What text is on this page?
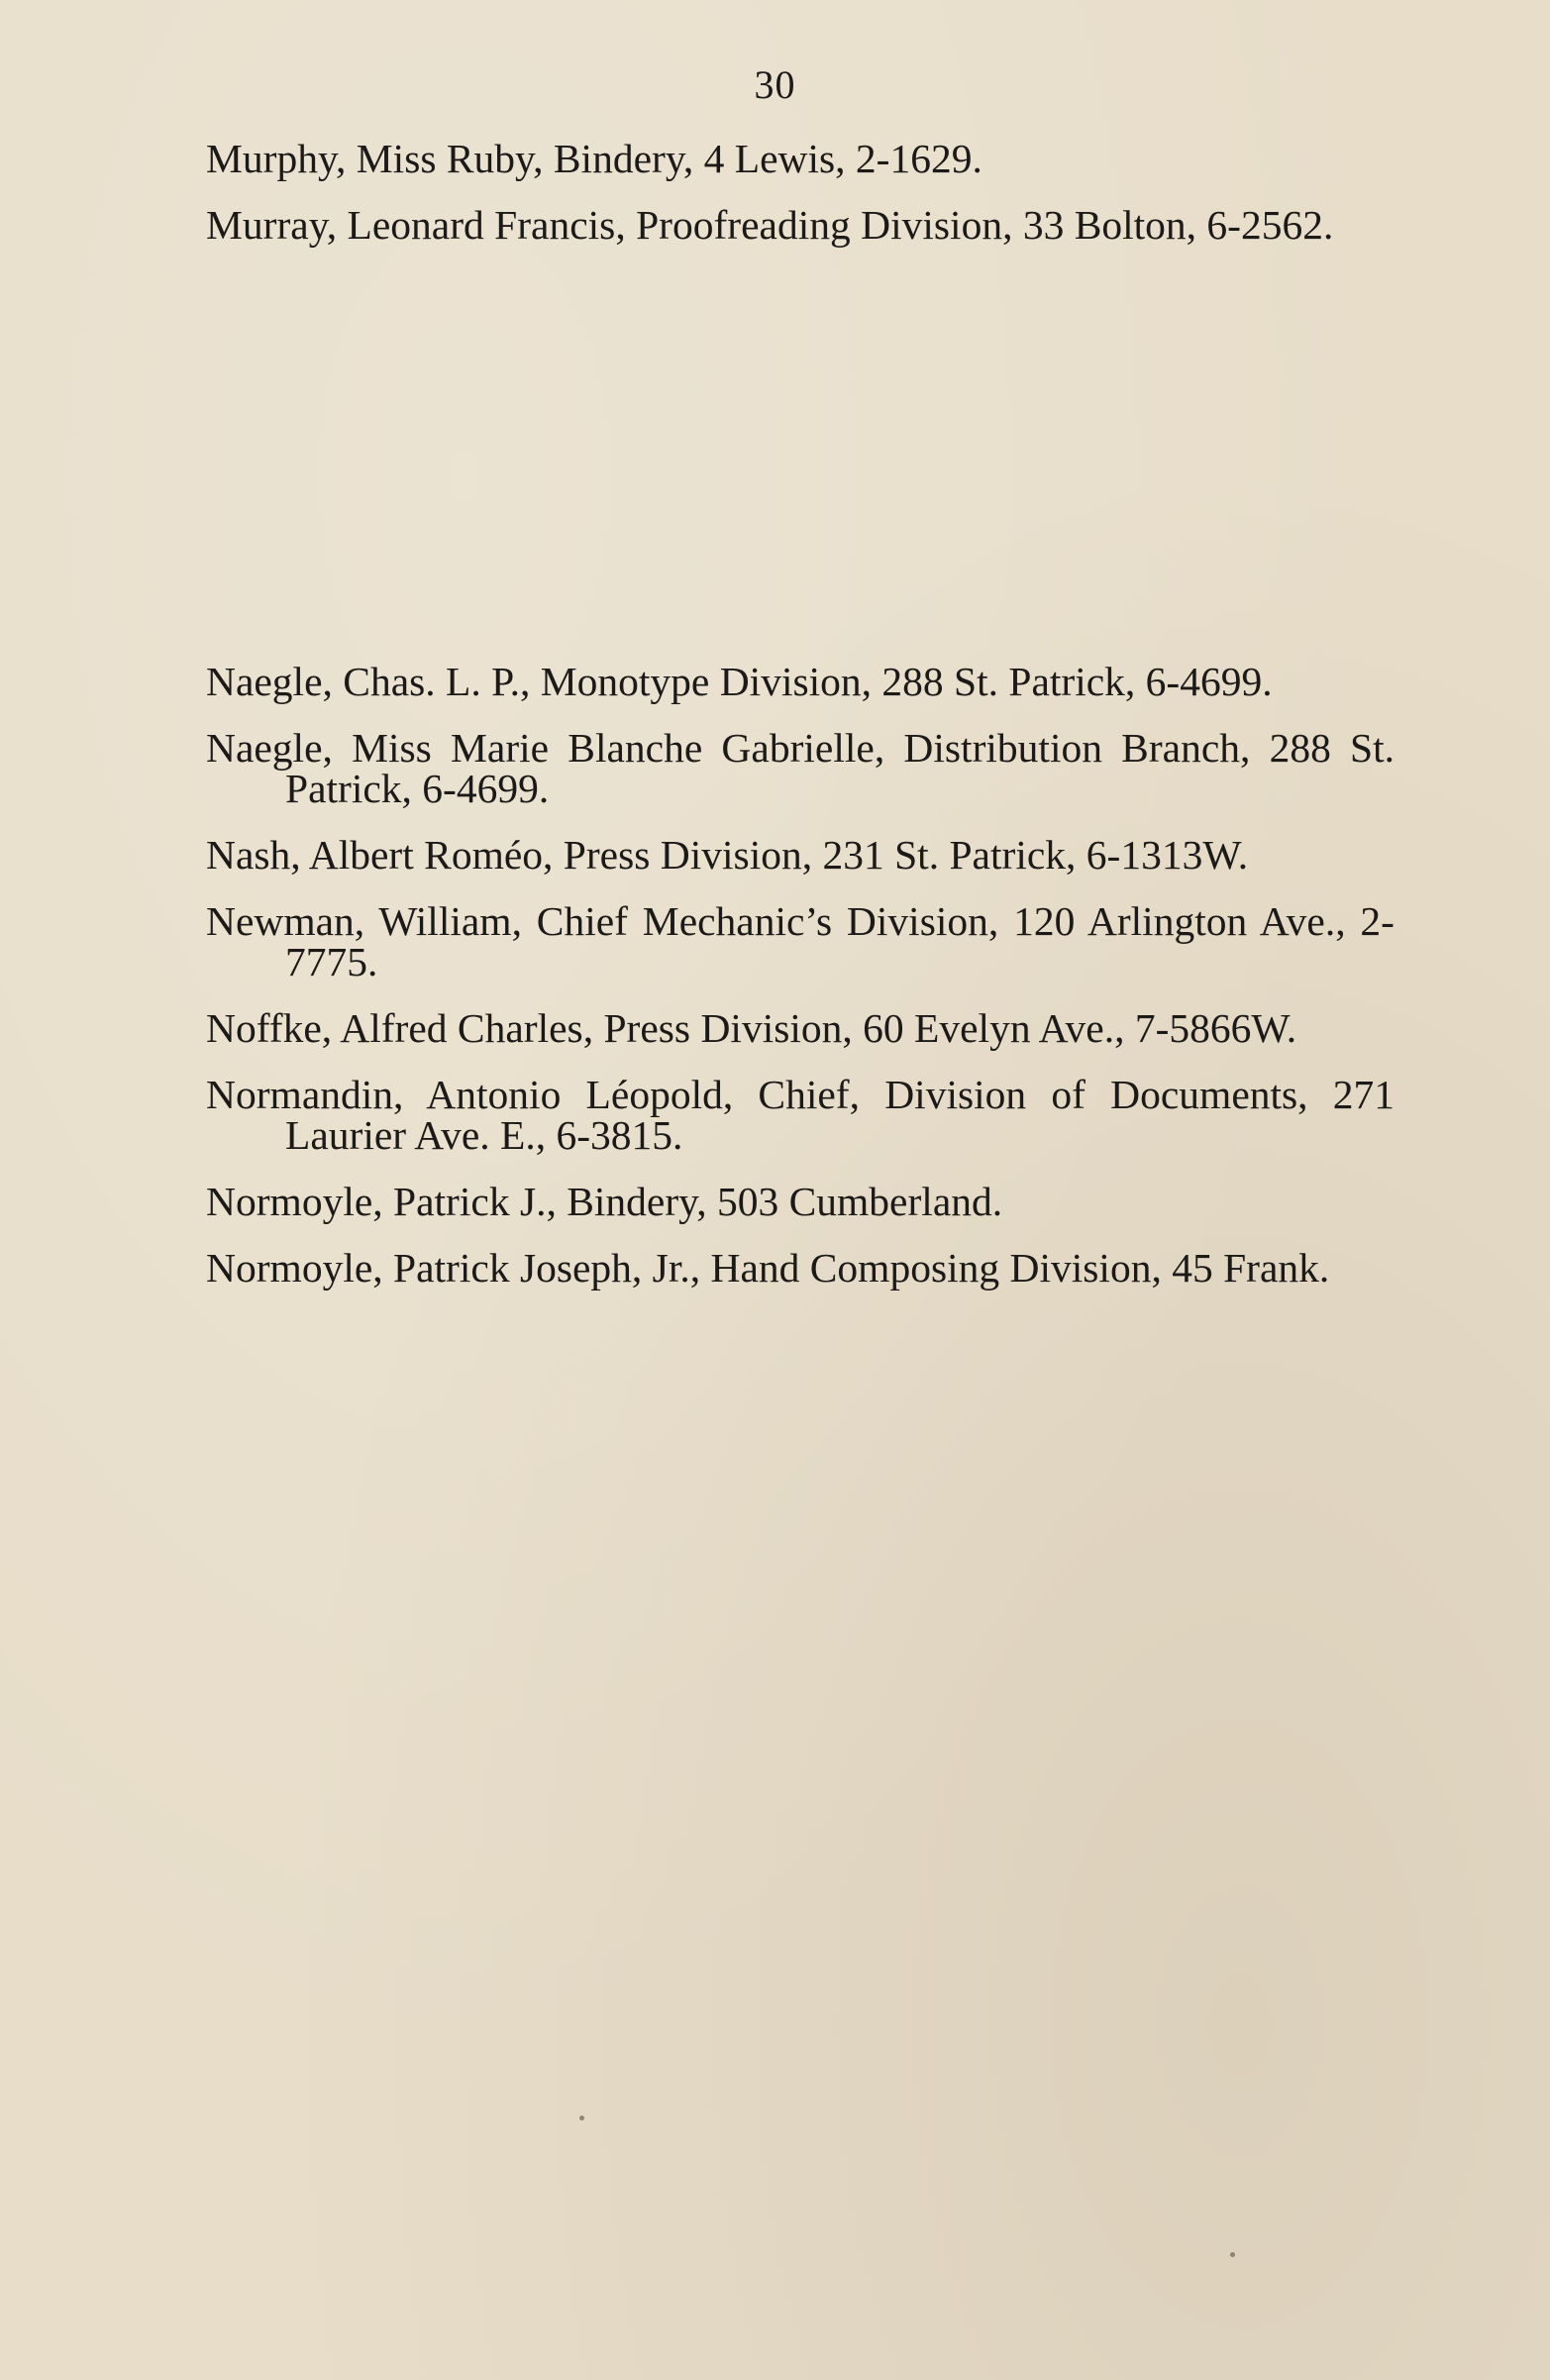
30

Murphy, Miss Ruby, Bindery, 4 Lewis, 2-1629.

Murray, Leonard Francis, Proofreading Division, 33 Bolton, 6-2562.

Naegle, Chas. L. P., Monotype Division, 288 St. Patrick, 6-4699.

Naegle, Miss Marie Blanche Gabrielle, Distribution Branch, 288 St. Patrick, 6-4699.

Nash, Albert Roméo, Press Division, 231 St. Patrick, 6-1313W.

Newman, William, Chief Mechanic’s Division, 120 Arlington Ave., 2-7775.

Noffke, Alfred Charles, Press Division, 60 Evelyn Ave., 7-5866W.

Normandin, Antonio Léopold, Chief, Division of Documents, 271 Laurier Ave. E., 6-3815.

Normoyle, Patrick J., Bindery, 503 Cumberland.

Normoyle, Patrick Joseph, Jr., Hand Composing Division, 45 Frank.
